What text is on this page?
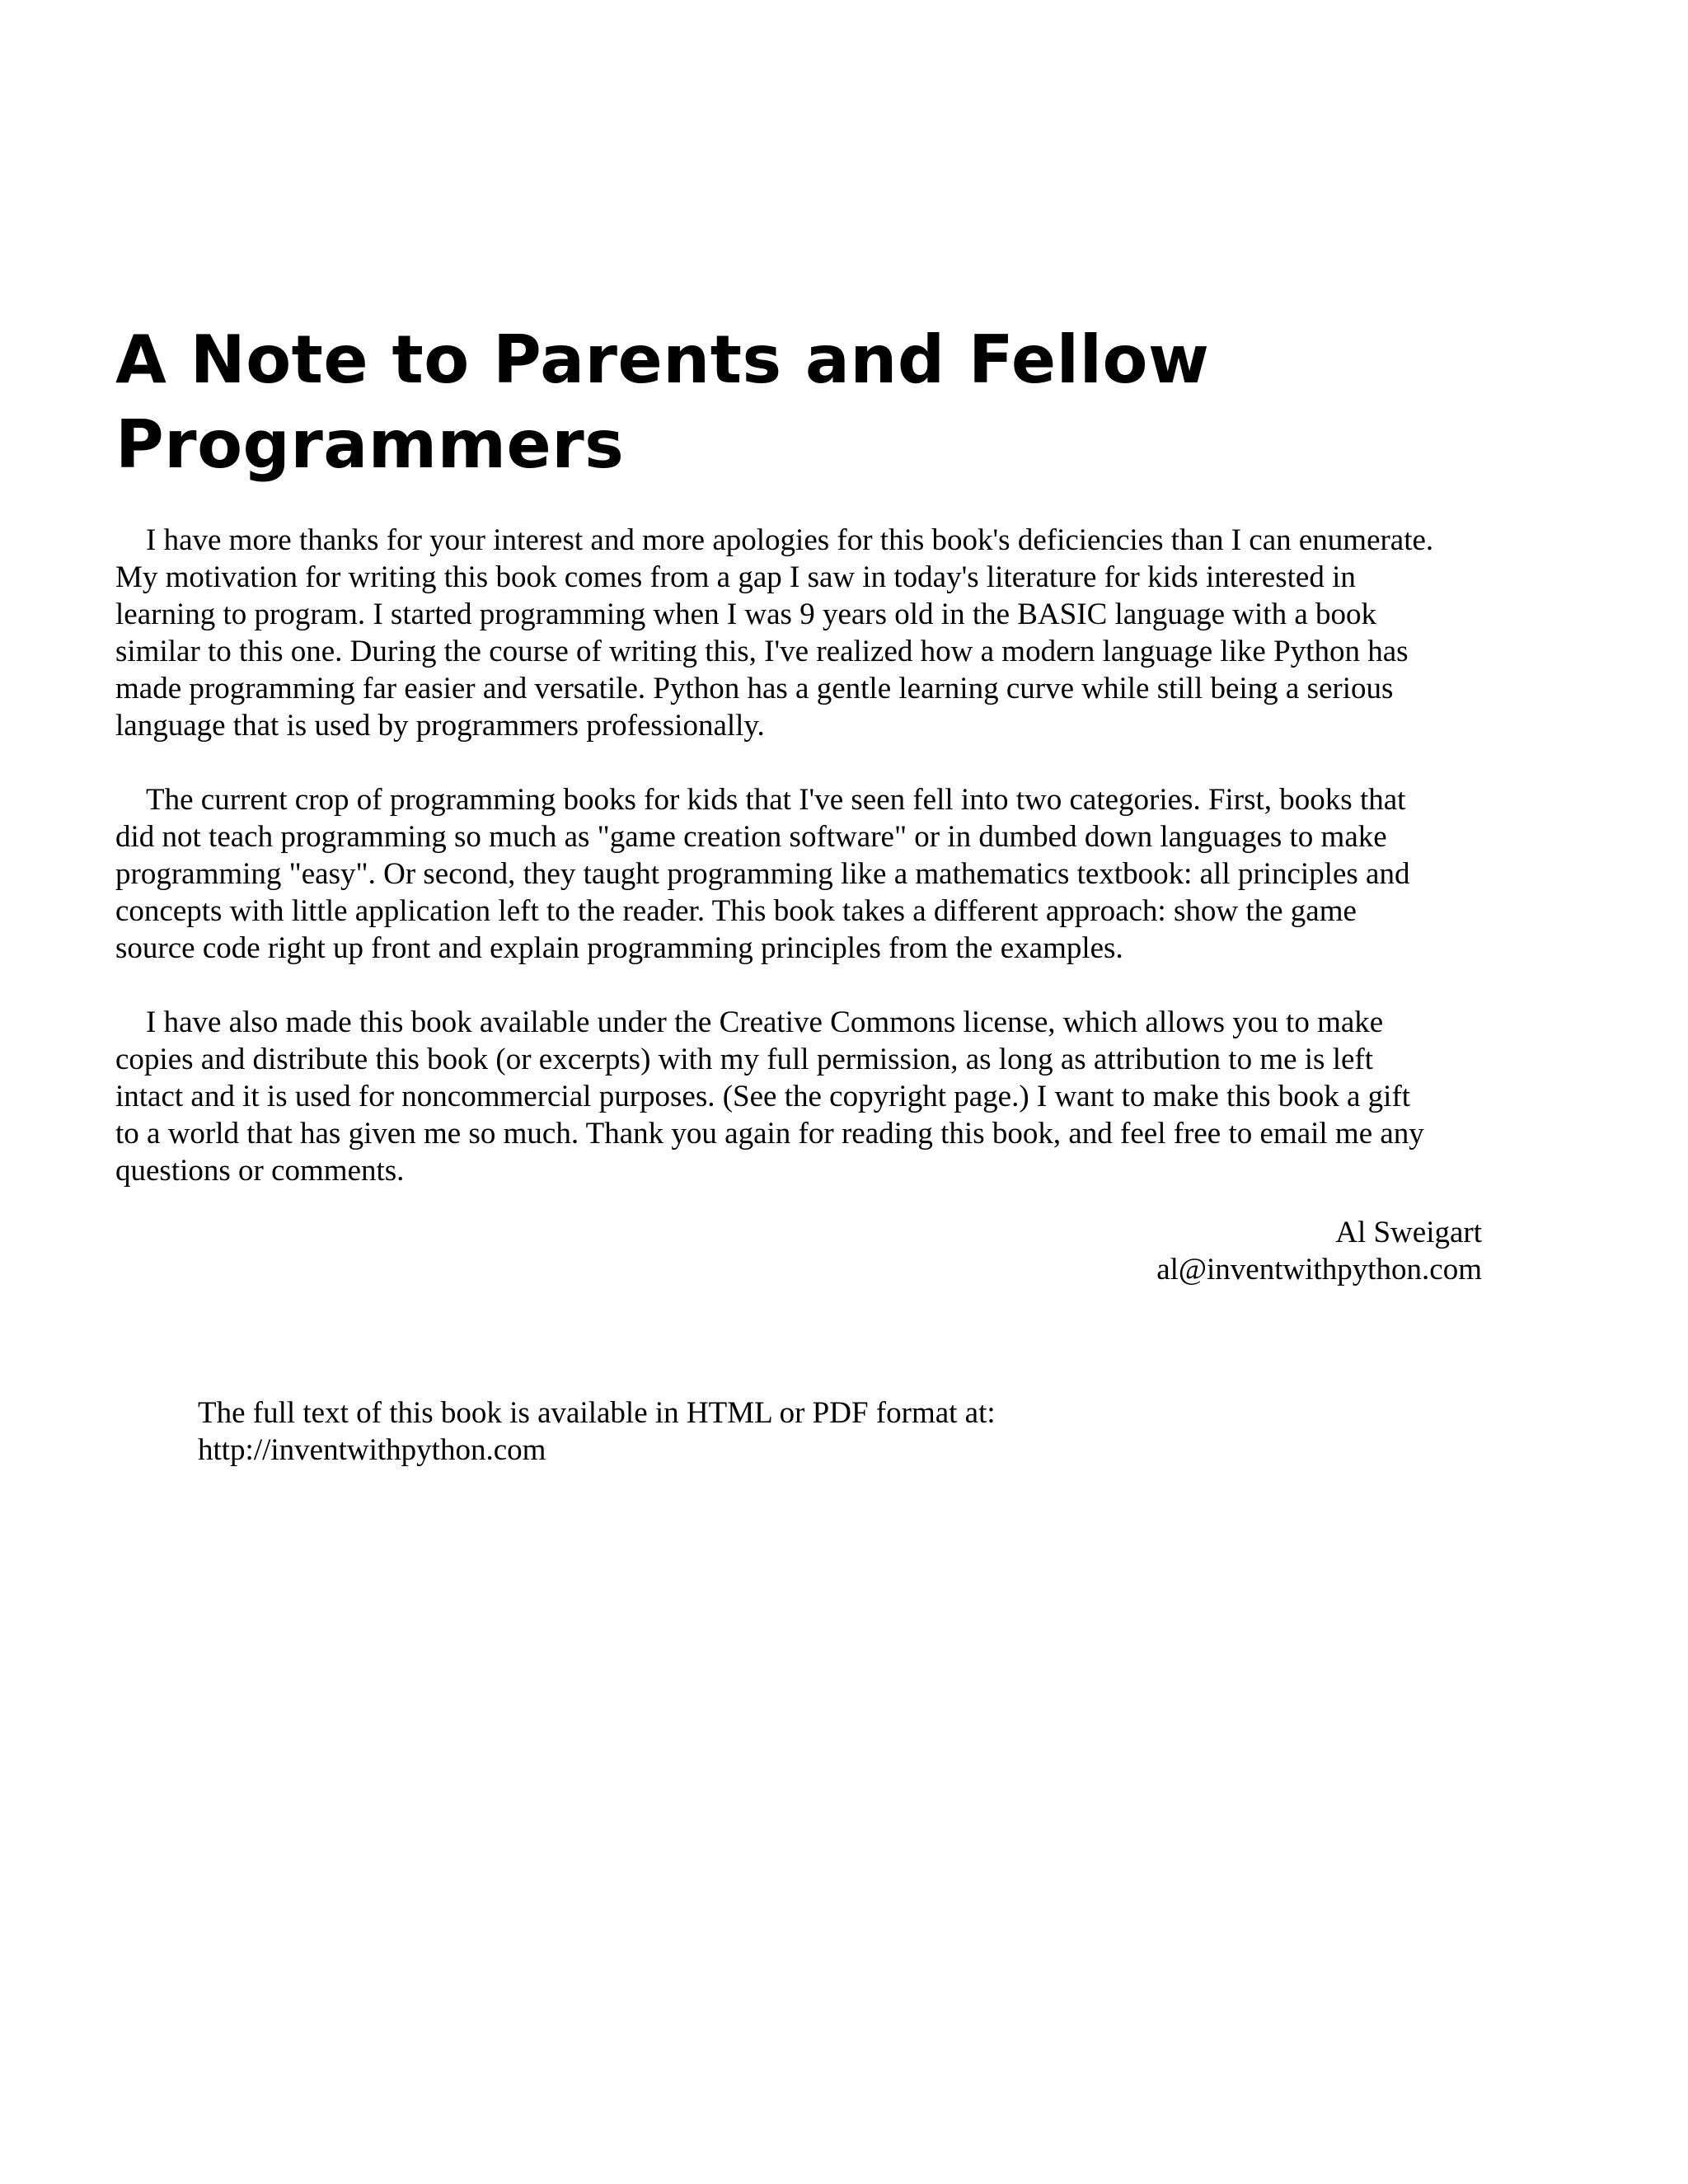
A Note to Parents and Fellow
Programmers
I have more thanks for your interest and more apologies for this book's deficiencies than I can enumerate.
My motivation for writing this book comes from a gap I saw in today's literature for kids interested in
learning to program. I started programming when I was 9 years old in the BASIC language with a book
similar to this one. During the course of writing this, I've realized how a modern language like Python has
made programming far easier and versatile. Python has a gentle learning curve while still being a serious
language that is used by programmers professionally.
The current crop of programming books for kids that I've seen fell into two categories. First, books that
did not teach programming so much as "game creation software" or in dumbed down languages to make
programming "easy". Or second, they taught programming like a mathematics textbook: all principles and
concepts with little application left to the reader. This book takes a different approach: show the game
source code right up front and explain programming principles from the examples.
I have also made this book available under the Creative Commons license, which allows you to make
copies and distribute this book (or excerpts) with my full permission, as long as attribution to me is left
intact and it is used for noncommercial purposes. (See the copyright page.) I want to make this book a gift
to a world that has given me so much. Thank you again for reading this book, and feel free to email me any
questions or comments.
Al Sweigart
al@inventwithpython.com
The full text of this book is available in HTML or PDF format at:
http://inventwithpython.com
